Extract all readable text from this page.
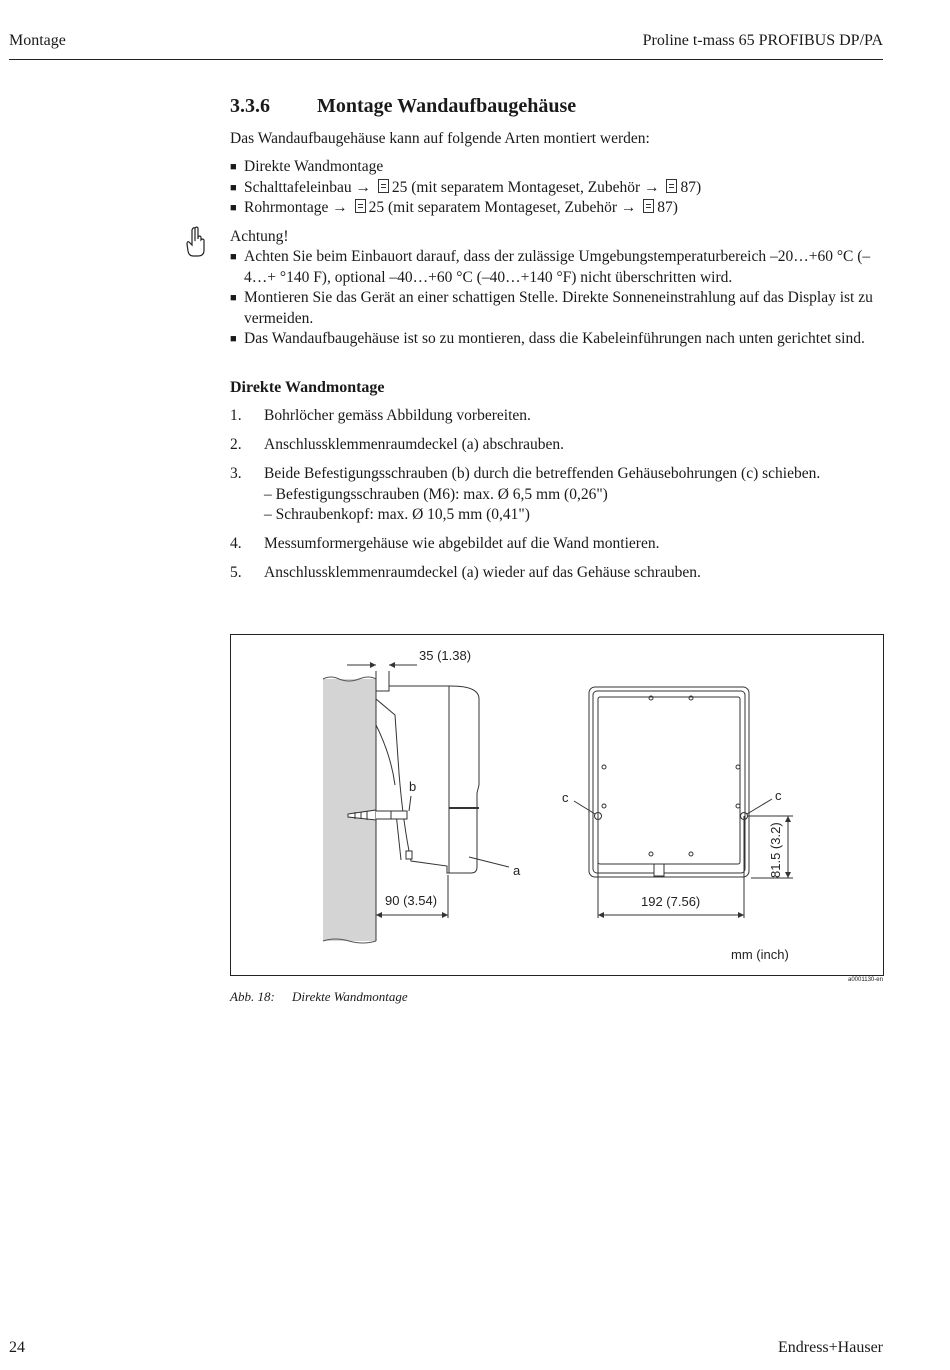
Montage	Proline t-mass 65 PROFIBUS DP/PA
3.3.6	Montage Wandaufbaugehäuse

Das Wandaufbaugehäuse kann auf folgende Arten montiert werden:

■ Direkte Wandmontage
■ Schalttafeleinbau → 25 (mit separatem Montageset, Zubehör → 87)
■ Rohrmontage → 25 (mit separatem Montageset, Zubehör → 87)

Achtung!

■ Achten Sie beim Einbauort darauf, dass der zulässige Umgebungstemperaturbereich –20…+60 °C (–4…+ °140 F), optional –40…+60 °C (–40…+140 °F) nicht überschritten wird.
■ Montieren Sie das Gerät an einer schattigen Stelle. Direkte Sonneneinstrahlung auf das Display ist zu vermeiden.
■ Das Wandaufbaugehäuse ist so zu montieren, dass die Kabeleinführungen nach unten gerichtet sind.
Direkte Wandmontage
1.	Bohrlöcher gemäss Abbildung vorbereiten.
2.	Anschlussklemmenraumdeckel (a) abschrauben.
3.	Beide Befestigungsschrauben (b) durch die betreffenden Gehäusebohrungen (c) schieben.
– Befestigungsschrauben (M6): max. Ø 6,5 mm (0,26")
– Schraubenkopf: max. Ø 10,5 mm (0,41")
4.	Messumformergehäuse wie abgebildet auf die Wand montieren.
5.	Anschlussklemmenraumdeckel (a) wieder auf das Gehäuse schrauben.
b
a
35 (1.38)
90 (3.54)
c	c
192 (7.56)
81.5 (3.2)
mm (inch)
a0001130-en
Abb. 18: Direkte Wandmontage
24	Endress+Hauser
